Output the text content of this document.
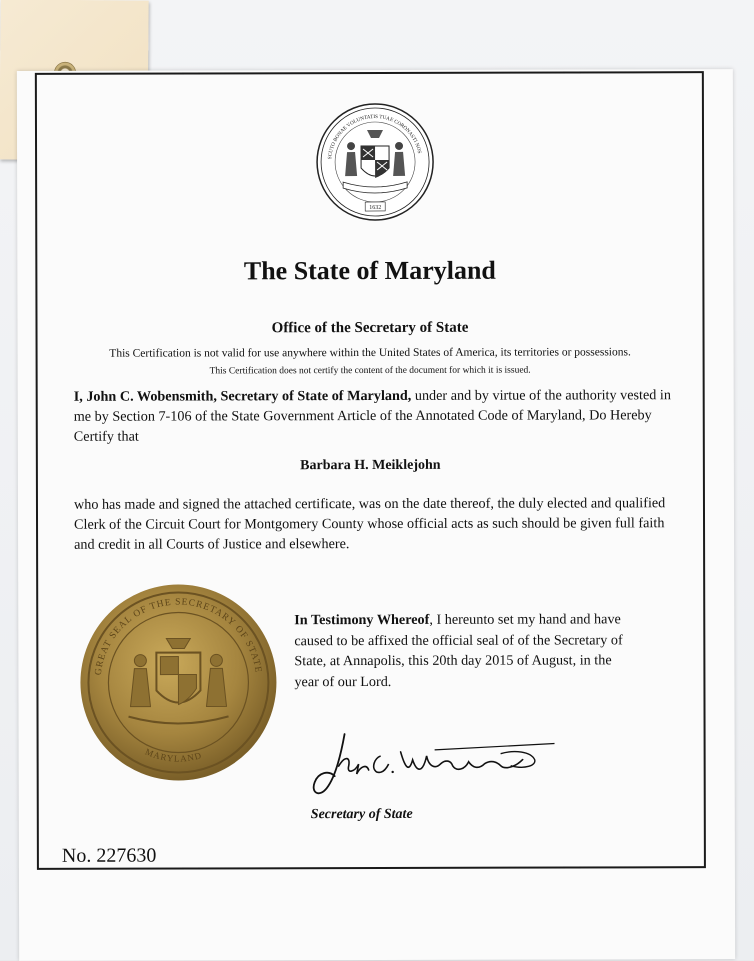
SCUTO BONAE VOLUNTATIS TUAE CORONASTI NOS
1632
The State of Maryland
Office of the Secretary of State
This Certification is not valid for use anywhere within the United States of America, its territories or possessions.
This Certification does not certify the content of the document for which it is issued.
I, John C. Wobensmith, Secretary of State of Maryland, under and by virtue of the authority vested in me by Section 7-106 of the State Government Article of the Annotated Code of Maryland, Do Hereby Certify that
Barbara H. Meiklejohn
who has made and signed the attached certificate, was on the date thereof, the duly elected and qualified Clerk of the Circuit Court for Montgomery County whose official acts as such should be given full faith and credit in all Courts of Justice and elsewhere.
GREAT SEAL OF THE SECRETARY OF STATE
MARYLAND
In Testimony Whereof, I hereunto set my hand and have caused to be affixed the official seal of of the Secretary of State, at Annapolis, this 20th day 2015 of August, in the year of our Lord.
Secretary of State
No. 227630
